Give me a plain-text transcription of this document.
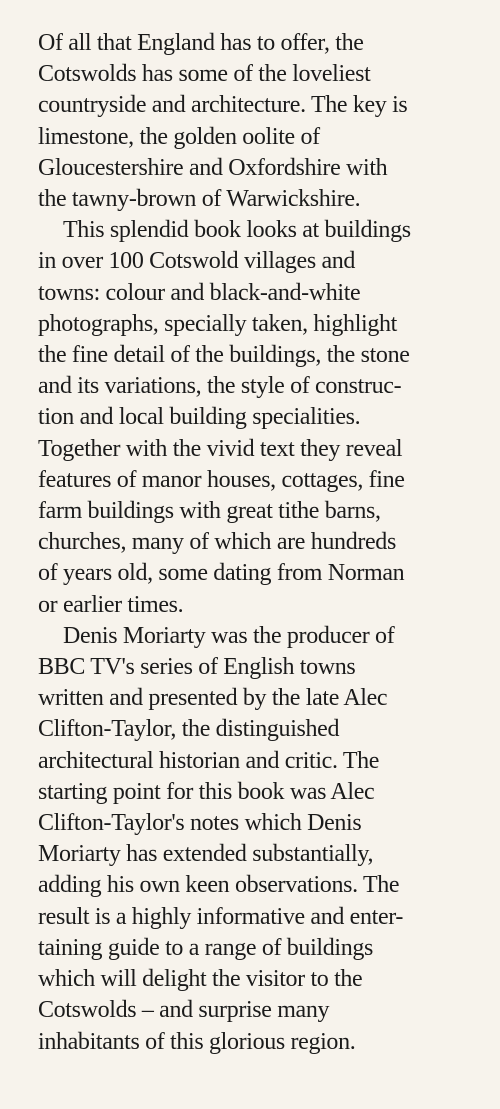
Of all that England has to offer, the
Cotswolds has some of the loveliest
countryside and architecture. The key is
limestone, the golden oolite of
Gloucestershire and Oxfordshire with
the tawny-brown of Warwickshire.
This splendid book looks at buildings
in over 100 Cotswold villages and
towns: colour and black-and-white
photographs, specially taken, highlight
the fine detail of the buildings, the stone
and its variations, the style of construc-
tion and local building specialities.
Together with the vivid text they reveal
features of manor houses, cottages, fine
farm buildings with great tithe barns,
churches, many of which are hundreds
of years old, some dating from Norman
or earlier times.
Denis Moriarty was the producer of
BBC TV's series of English towns
written and presented by the late Alec
Clifton-Taylor, the distinguished
architectural historian and critic. The
starting point for this book was Alec
Clifton-Taylor's notes which Denis
Moriarty has extended substantially,
adding his own keen observations. The
result is a highly informative and enter-
taining guide to a range of buildings
which will delight the visitor to the
Cotswolds – and surprise many
inhabitants of this glorious region.
